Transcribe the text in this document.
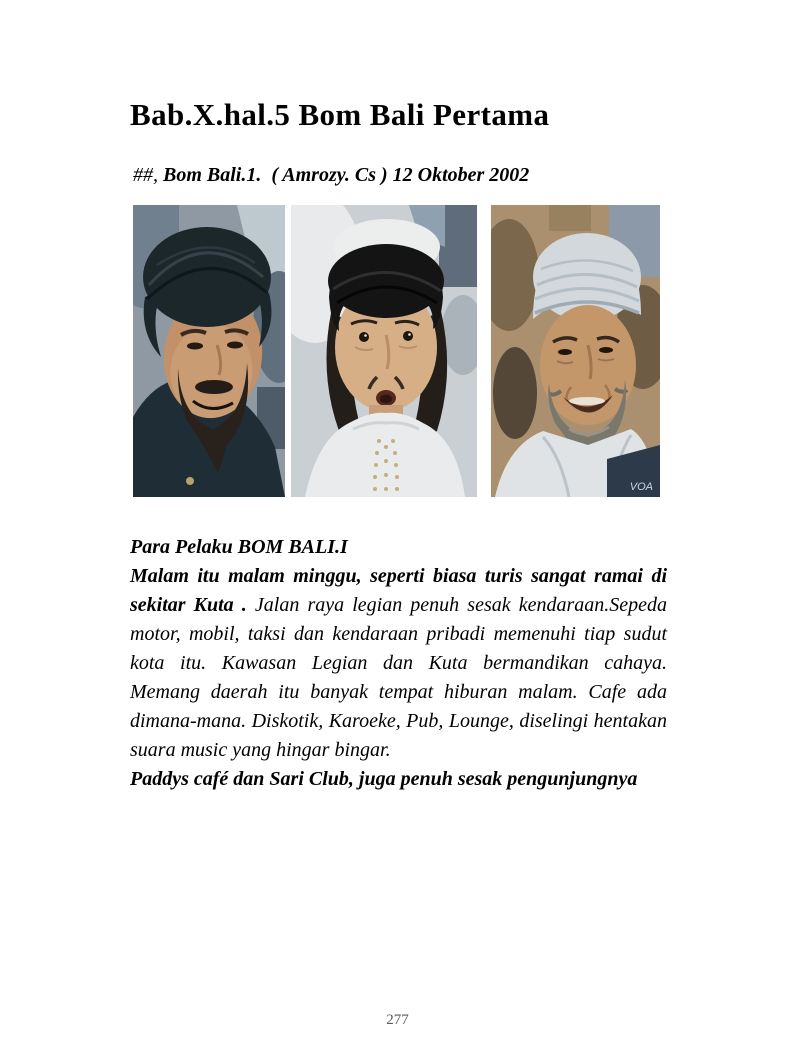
Bab.X.hal.5 Bom Bali Pertama

##, Bom Bali.1.  ( Amrozy. Cs ) 12 Oktober 2002

VOA

Para Pelaku BOM BALI.I

Malam itu malam minggu, seperti biasa turis sangat ramai di sekitar Kuta . Jalan raya legian penuh sesak kendaraan.Sepeda motor, mobil, taksi dan kendaraan pribadi memenuhi tiap sudut kota itu. Kawasan Legian dan Kuta bermandikan cahaya. Memang daerah itu banyak tempat hiburan malam. Cafe ada dimana-mana. Diskotik, Karoeke, Pub, Lounge, diselingi hentakan suara music yang hingar bingar.

Paddys café dan Sari Club, juga penuh sesak pengunjungnya

277
